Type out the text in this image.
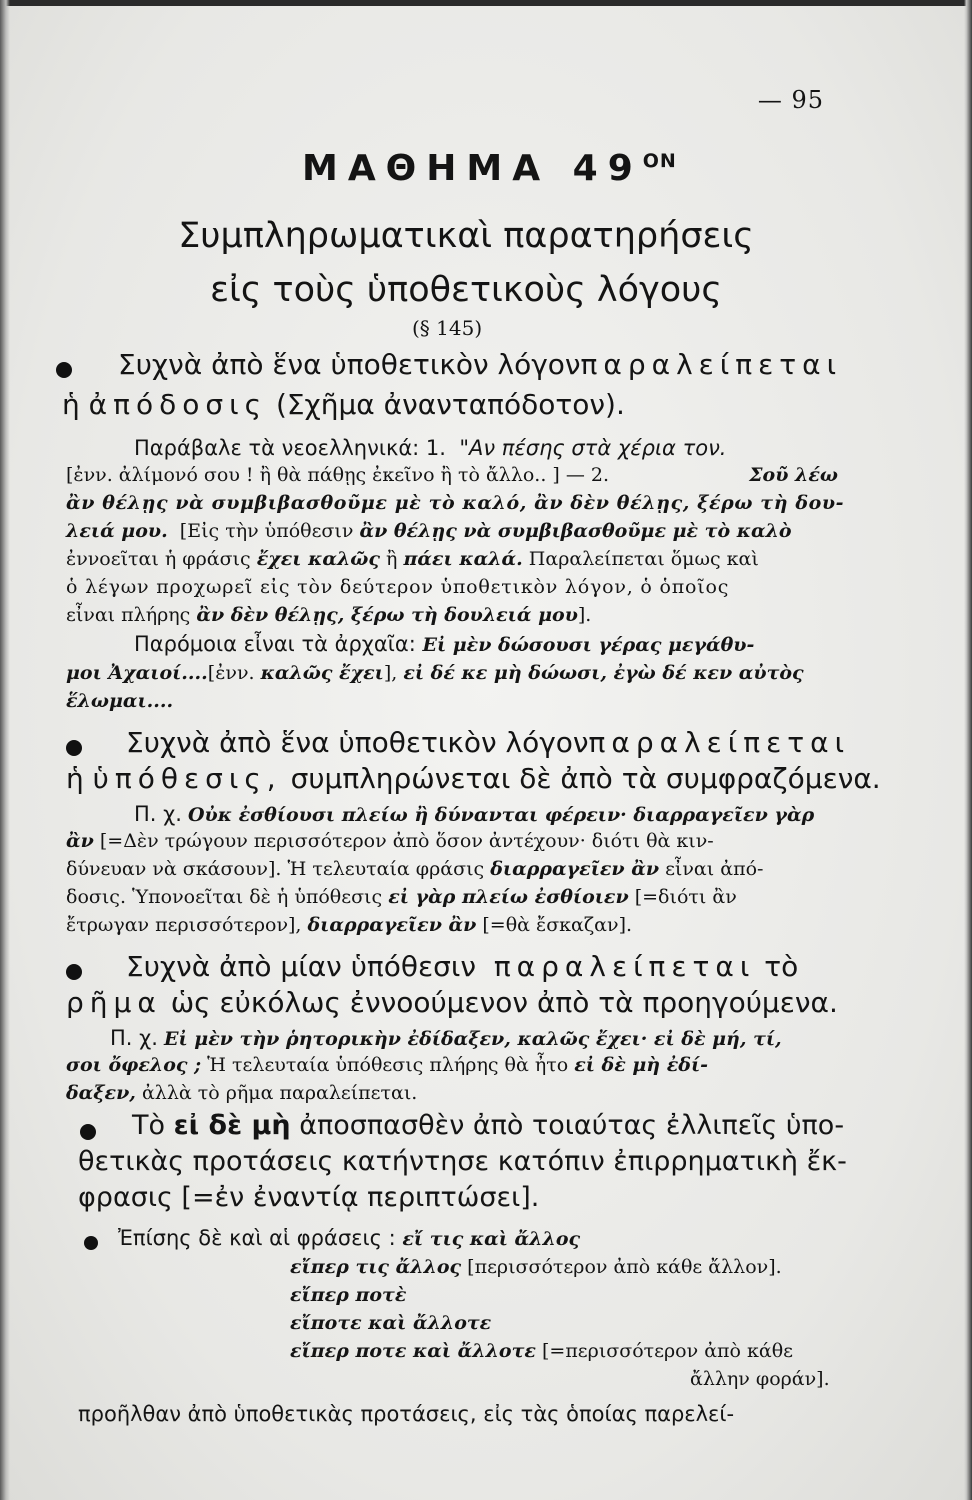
— 95
ΜΑΘΗΜΑ $49^{ON}$
Συμπληρωματικαὶ παρατηρήσεις
εἰς τοὺς ὑποθετικοὺς λόγους
(§ 145)
Συχνὰ ἀπὸ ἕνα ὑποθετικὸν λόγον παραλείπεται
ἡ ἀπόδοσις (Σχῆμα ἀνανταπόδοτον).
Παράβαλε τὰ νεοελληνικά: 1. "Αν πέσης στὰ χέρια τον.
[ἐνν. ἀλίμονό σου ! ἢ θὰ πάθῃς ἐκεῖνο ἢ τὸ ἄλλο.. ] — 2.	Σοῦ λέω
ἂν θέλῃς νὰ συμβιβασθοῦμε μὲ τὸ καλό, ἂν δὲν θέλῃς, ξέρω τὴ δου-
λειά μου. [Εἰς τὴν ὑπόθεσιν ἂν θέλῃς νὰ συμβιβασθοῦμε μὲ τὸ καλὸ
ἐννοεῖται ἡ φράσις ἔχει καλῶς ἢ πάει καλά. Παραλείπεται ὅμως καὶ
ὁ λέγων προχωρεῖ εἰς τὸν δεύτερον ὑποθετικὸν λόγον, ὁ ὁποῖος
εἶναι πλήρης ἂν δὲν θέλῃς, ξέρω τὴ δουλειά μου].
Παρόμοια εἶναι τὰ ἀρχαῖα: Εἰ μὲν δώσουσι γέρας μεγάθυ-
μοι Ἀχαιοί....[ἐνν. καλῶς ἔχει], εἰ δέ κε μὴ δώωσι, ἐγὼ δέ κεν αὐτὸς
ἕλωμαι....
Συχνὰ ἀπὸ ἕνα ὑποθετικὸν λόγον παραλείπεται
ἡ ὑπόθεσις, συμπληρώνεται δὲ ἀπὸ τὰ συμφραζόμενα.
Π. χ. Οὐκ ἐσθίουσι πλείω ἢ δύνανται φέρειν· διαρραγεῖεν γὰρ
ἂν [=Δὲν τρώγουν περισσότερον ἀπὸ ὅσον ἀντέχουν· διότι θὰ κιν-
δύνευαν νὰ σκάσουν]. Ἡ τελευταία φράσις διαρραγεῖεν ἂν εἶναι ἀπό-
δοσις. Ὑπονοεῖται δὲ ἡ ὑπόθεσις εἰ γὰρ πλείω ἐσθίοιεν [=διότι ἂν
ἔτρωγαν περισσότερον], διαρραγεῖεν ἂν [=θὰ ἔσκαζαν].
Συχνὰ ἀπὸ μίαν ὑπόθεσιν παραλείπεται τὸ
ρῆμα ὡς εὐκόλως ἐννοούμενον ἀπὸ τὰ προηγούμενα.
Π. χ. Εἰ μὲν τὴν ῥητορικὴν ἐδίδαξεν, καλῶς ἔχει· εἰ δὲ μή, τί,
σοι ὄφελος ; Ἡ τελευταία ὑπόθεσις πλήρης θὰ ἦτο εἰ δὲ μὴ ἐδί-
δαξεν, ἀλλὰ τὸ ρῆμα παραλείπεται.
Τὸ εἰ δὲ μὴ ἀποσπασθὲν ἀπὸ τοιαύτας ἐλλιπεῖς ὑπο-
θετικὰς προτάσεις κατήντησε κατόπιν ἐπιρρηματικὴ ἔκ-
φρασις [=ἐν ἐναντίᾳ περιπτώσει].
Ἐπίσης δὲ καὶ αἱ φράσεις : εἴ τις καὶ ἄλλος
εἴπερ τις ἄλλος [περισσότερον ἀπὸ κάθε ἄλλον].
εἴπερ ποτὲ
εἴποτε καὶ ἄλλοτε
εἴπερ ποτε καὶ ἄλλοτε [=περισσότερον ἀπὸ κάθε
ἄλλην φοράν].
προῆλθαν ἀπὸ ὑποθετικὰς προτάσεις, εἰς τὰς ὁποίας παρελεί-
